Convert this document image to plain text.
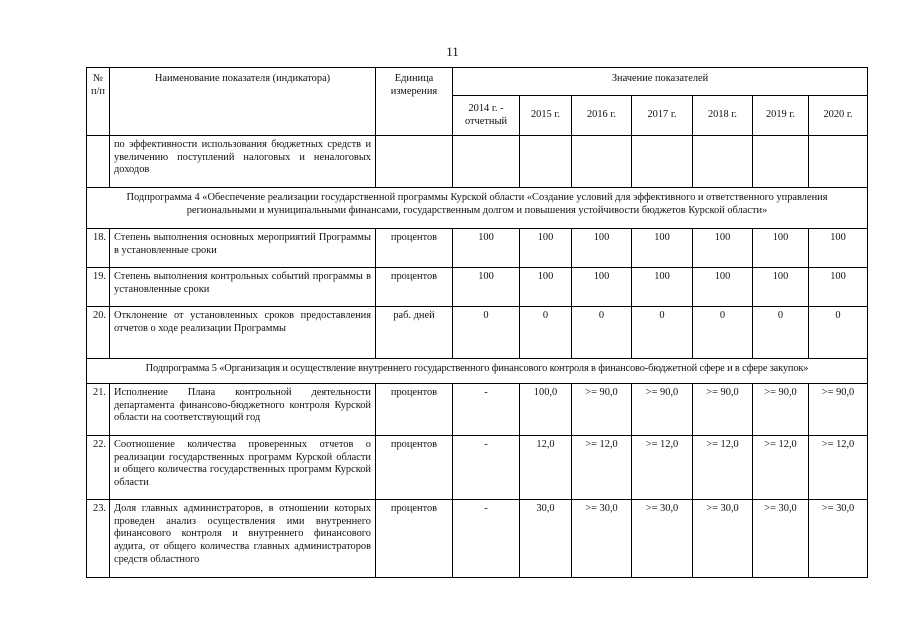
11
№ п/п	Наименование показателя (индикатора)	Единица измерения	Значение показателей						
			2014 г. - отчетный	2015 г.	2016 г.	2017 г.	2018 г.	2019 г.	2020 г.
	по эффективности использования бюджетных средств и увеличению поступлений налоговых и неналоговых доходов								
Подпрограмма 4 «Обеспечение реализации государственной программы Курской области «Создание условий для эффективного и ответственного управления региональными и муниципальными финансами, государственным долгом и повышения устойчивости бюджетов Курской области»									
18.	Степень выполнения основных мероприятий Программы в установленные сроки	процентов	100	100	100	100	100	100	100
19.	Степень выполнения контрольных событий программы в установленные сроки	процентов	100	100	100	100	100	100	100
20.	Отклонение от установленных сроков предоставления отчетов о ходе реализации Программы	раб. дней	0	0	0	0	0	0	0
Подпрограмма 5 «Организация и осуществление внутреннего государственного финансового контроля в финансово-бюджетной сфере и в сфере закупок»									
21.	Исполнение Плана контрольной деятельности департамента финансово-бюджетного контроля Курской области на соответствующий год	процентов	-	100,0	>= 90,0	>= 90,0	>= 90,0	>= 90,0	>= 90,0
22.	Соотношение количества проверенных отчетов о реализации государственных программ Курской области и общего количества государственных программ Курской области	процентов	-	12,0	>= 12,0	>= 12,0	>= 12,0	>= 12,0	>= 12,0
23.	Доля главных администраторов, в отношении которых проведен анализ осуществления ими внутреннего финансового контроля и внутреннего финансового аудита, от общего количества главных администраторов средств областного	процентов	-	30,0	>= 30,0	>= 30,0	>= 30,0	>= 30,0	>= 30,0
